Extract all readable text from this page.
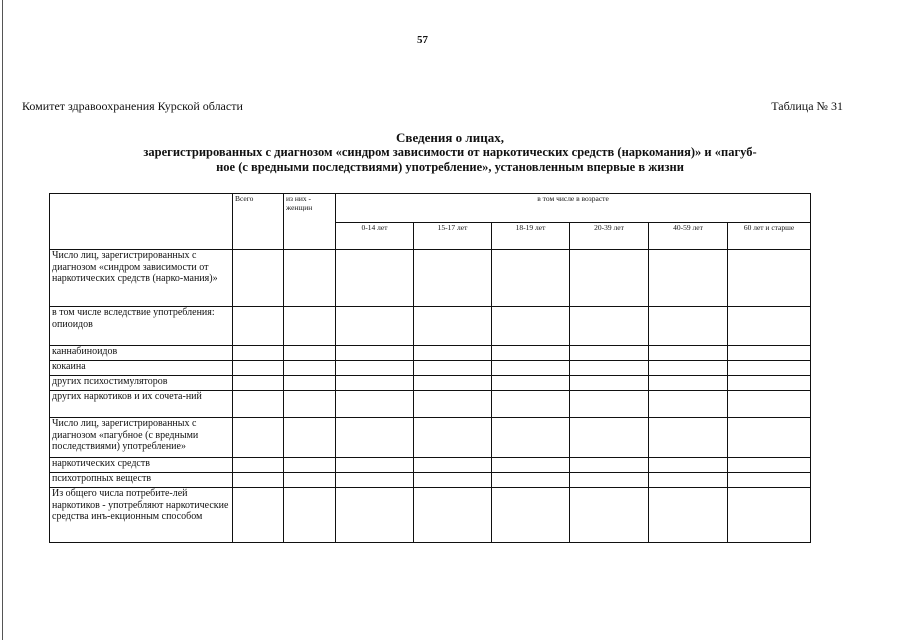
57
Комитет здравоохранения Курской области	Таблица № 31
Сведения о лицах,
зарегистрированных с диагнозом «синдром зависимости от наркотических средств (наркомания)» и «пагуб-
ное (с вредными последствиями) употребление», установленным впервые в жизни
	Всего	из них - женщин	в том числе в возрасте					
			0-14 лет	15-17 лет	18-19 лет	20-39 лет	40-59 лет	60 лет и старше
Число лиц, зарегистрированных с диагнозом «синдром зависимости от наркотических средств (нарко-мания)»								
в том числе вследствие употребления: опиоидов								
каннабиноидов								
кокаина								
других психостимуляторов								
других наркотиков и их сочета-ний								
Число лиц, зарегистрированных с диагнозом «пагубное (с вредными последствиями) употребление»								
наркотических средств								
психотропных веществ								
Из общего числа потребите-лей наркотиков - употребляют наркотические средства инъ-екционным способом								
